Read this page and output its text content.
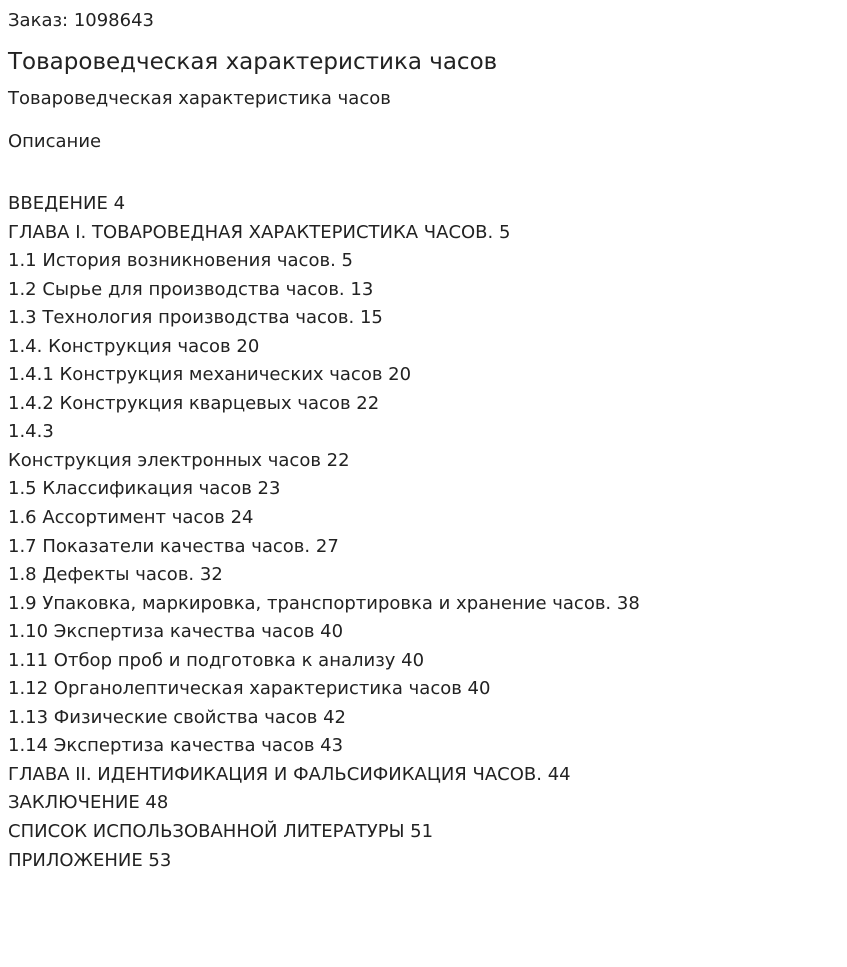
Заказ: 1098643
Товароведческая характеристика часов
Товароведческая характеристика часов
Описание
ВВЕДЕНИЕ 4
ГЛАВА I. ТОВАРОВЕДНАЯ ХАРАКТЕРИСТИКА ЧАСОВ. 5
1.1 История возникновения часов. 5
1.2 Сырье для производства часов. 13
1.3 Технология производства часов. 15
1.4. Конструкция часов 20
1.4.1 Конструкция механических часов 20
1.4.2 Конструкция кварцевых часов 22
1.4.3
Конструкция электронных часов 22
1.5 Классификация часов 23
1.6 Ассортимент часов 24
1.7 Показатели качества часов. 27
1.8 Дефекты часов. 32
1.9 Упаковка, маркировка, транспортировка и хранение часов. 38
1.10 Экспертиза качества часов 40
1.11 Отбор проб и подготовка к анализу 40
1.12 Органолептическая характеристика часов 40
1.13 Физические свойства часов 42
1.14 Экспертиза качества часов 43
ГЛАВА II. ИДЕНТИФИКАЦИЯ И ФАЛЬСИФИКАЦИЯ ЧАСОВ. 44
ЗАКЛЮЧЕНИЕ 48
СПИСОК ИСПОЛЬЗОВАННОЙ ЛИТЕРАТУРЫ 51
ПРИЛОЖЕНИЕ 53
